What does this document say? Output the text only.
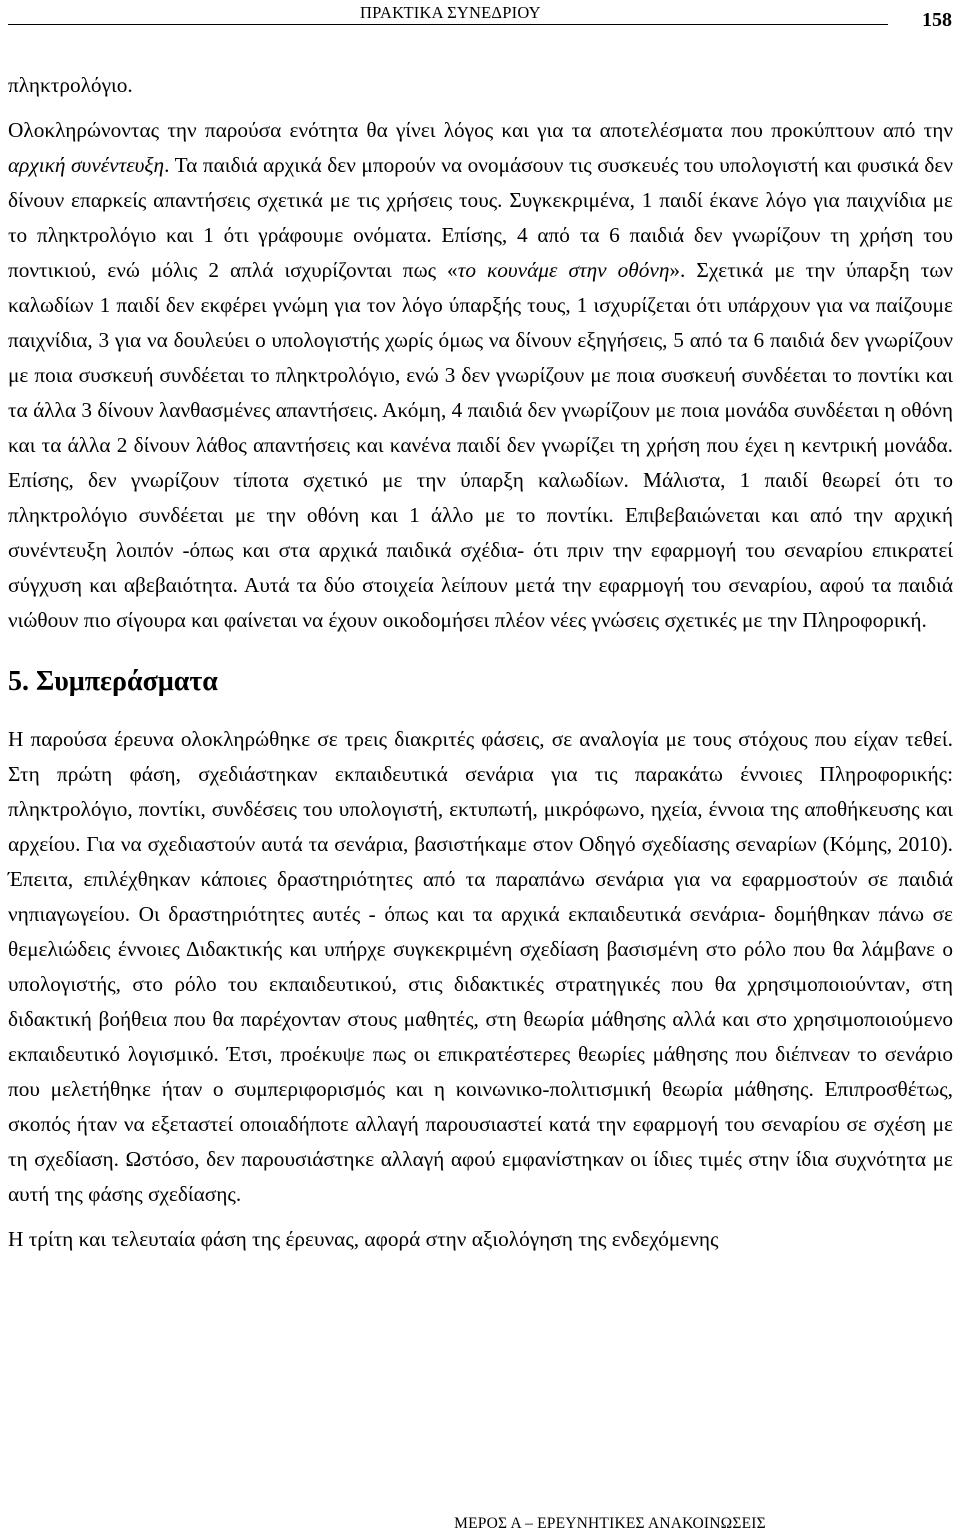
ΠΡΑΚΤΙΚΑ ΣΥΝΕΔΡΙΟΥ	158

πληκτρολόγιο.

Ολοκληρώνοντας την παρούσα ενότητα θα γίνει λόγος και για τα αποτελέσματα που προκύπτουν από την αρχική συνέντευξη. Τα παιδιά αρχικά δεν μπορούν να ονομάσουν τις συσκευές του υπολογιστή και φυσικά δεν δίνουν επαρκείς απαντήσεις σχετικά με τις χρήσεις τους. Συγκεκριμένα, 1 παιδί έκανε λόγο για παιχνίδια με το πληκτρολόγιο και 1 ότι γράφουμε ονόματα. Επίσης, 4 από τα 6 παιδιά δεν γνωρίζουν τη χρήση του ποντικιού, ενώ μόλις 2 απλά ισχυρίζονται πως «το κουνάμε στην οθόνη». Σχετικά με την ύπαρξη των καλωδίων 1 παιδί δεν εκφέρει γνώμη για τον λόγο ύπαρξής τους, 1 ισχυρίζεται ότι υπάρχουν για να παίζουμε παιχνίδια, 3 για να δουλεύει ο υπολογιστής χωρίς όμως να δίνουν εξηγήσεις, 5 από τα 6 παιδιά δεν γνωρίζουν με ποια συσκευή συνδέεται το πληκτρολόγιο, ενώ 3 δεν γνωρίζουν με ποια συσκευή συνδέεται το ποντίκι και τα άλλα 3 δίνουν λανθασμένες απαντήσεις. Ακόμη, 4 παιδιά δεν γνωρίζουν με ποια μονάδα συνδέεται η οθόνη και τα άλλα 2 δίνουν λάθος απαντήσεις και κανένα παιδί δεν γνωρίζει τη χρήση που έχει η κεντρική μονάδα. Επίσης, δεν γνωρίζουν τίποτα σχετικό με την ύπαρξη καλωδίων. Μάλιστα, 1 παιδί θεωρεί ότι το πληκτρολόγιο συνδέεται με την οθόνη και 1 άλλο με το ποντίκι. Επιβεβαιώνεται και από την αρχική συνέντευξη λοιπόν -όπως και στα αρχικά παιδικά σχέδια- ότι πριν την εφαρμογή του σεναρίου επικρατεί σύγχυση και αβεβαιότητα. Αυτά τα δύο στοιχεία λείπουν μετά την εφαρμογή του σεναρίου, αφού τα παιδιά νιώθουν πιο σίγουρα και φαίνεται να έχουν οικοδομήσει πλέον νέες γνώσεις σχετικές με την Πληροφορική.

5. Συμπεράσματα

Η παρούσα έρευνα ολοκληρώθηκε σε τρεις διακριτές φάσεις, σε αναλογία με τους στόχους που είχαν τεθεί. Στη πρώτη φάση, σχεδιάστηκαν εκπαιδευτικά σενάρια για τις παρακάτω έννοιες Πληροφορικής: πληκτρολόγιο, ποντίκι, συνδέσεις του υπολογιστή, εκτυπωτή, μικρόφωνο, ηχεία, έννοια της αποθήκευσης και αρχείου. Για να σχεδιαστούν αυτά τα σενάρια, βασιστήκαμε στον Οδηγό σχεδίασης σεναρίων (Κόμης, 2010). Έπειτα, επιλέχθηκαν κάποιες δραστηριότητες από τα παραπάνω σενάρια για να εφαρμοστούν σε παιδιά νηπιαγωγείου. Οι δραστηριότητες αυτές - όπως και τα αρχικά εκπαιδευτικά σενάρια- δομήθηκαν πάνω σε θεμελιώδεις έννοιες Διδακτικής και υπήρχε συγκεκριμένη σχεδίαση βασισμένη στο ρόλο που θα λάμβανε ο υπολογιστής, στο ρόλο του εκπαιδευτικού, στις διδακτικές στρατηγικές που θα χρησιμοποιούνταν, στη διδακτική βοήθεια που θα παρέχονταν στους μαθητές, στη θεωρία μάθησης αλλά και στο χρησιμοποιούμενο εκπαιδευτικό λογισμικό. Έτσι, προέκυψε πως οι επικρατέστερες θεωρίες μάθησης που διέπνεαν το σενάριο που μελετήθηκε ήταν ο συμπεριφορισμός και η κοινωνικο-πολιτισμική θεωρία μάθησης. Επιπροσθέτως, σκοπός ήταν να εξεταστεί οποιαδήποτε αλλαγή παρουσιαστεί κατά την εφαρμογή του σεναρίου σε σχέση με τη σχεδίαση. Ωστόσο, δεν παρουσιάστηκε αλλαγή αφού εμφανίστηκαν οι ίδιες τιμές στην ίδια συχνότητα με αυτή της φάσης σχεδίασης.

Η τρίτη και τελευταία φάση της έρευνας, αφορά στην αξιολόγηση της ενδεχόμενης

ΜΕΡΟΣ Α – ΕΡΕΥΝΗΤΙΚΕΣ ΑΝΑΚΟΙΝΩΣΕΙΣ
